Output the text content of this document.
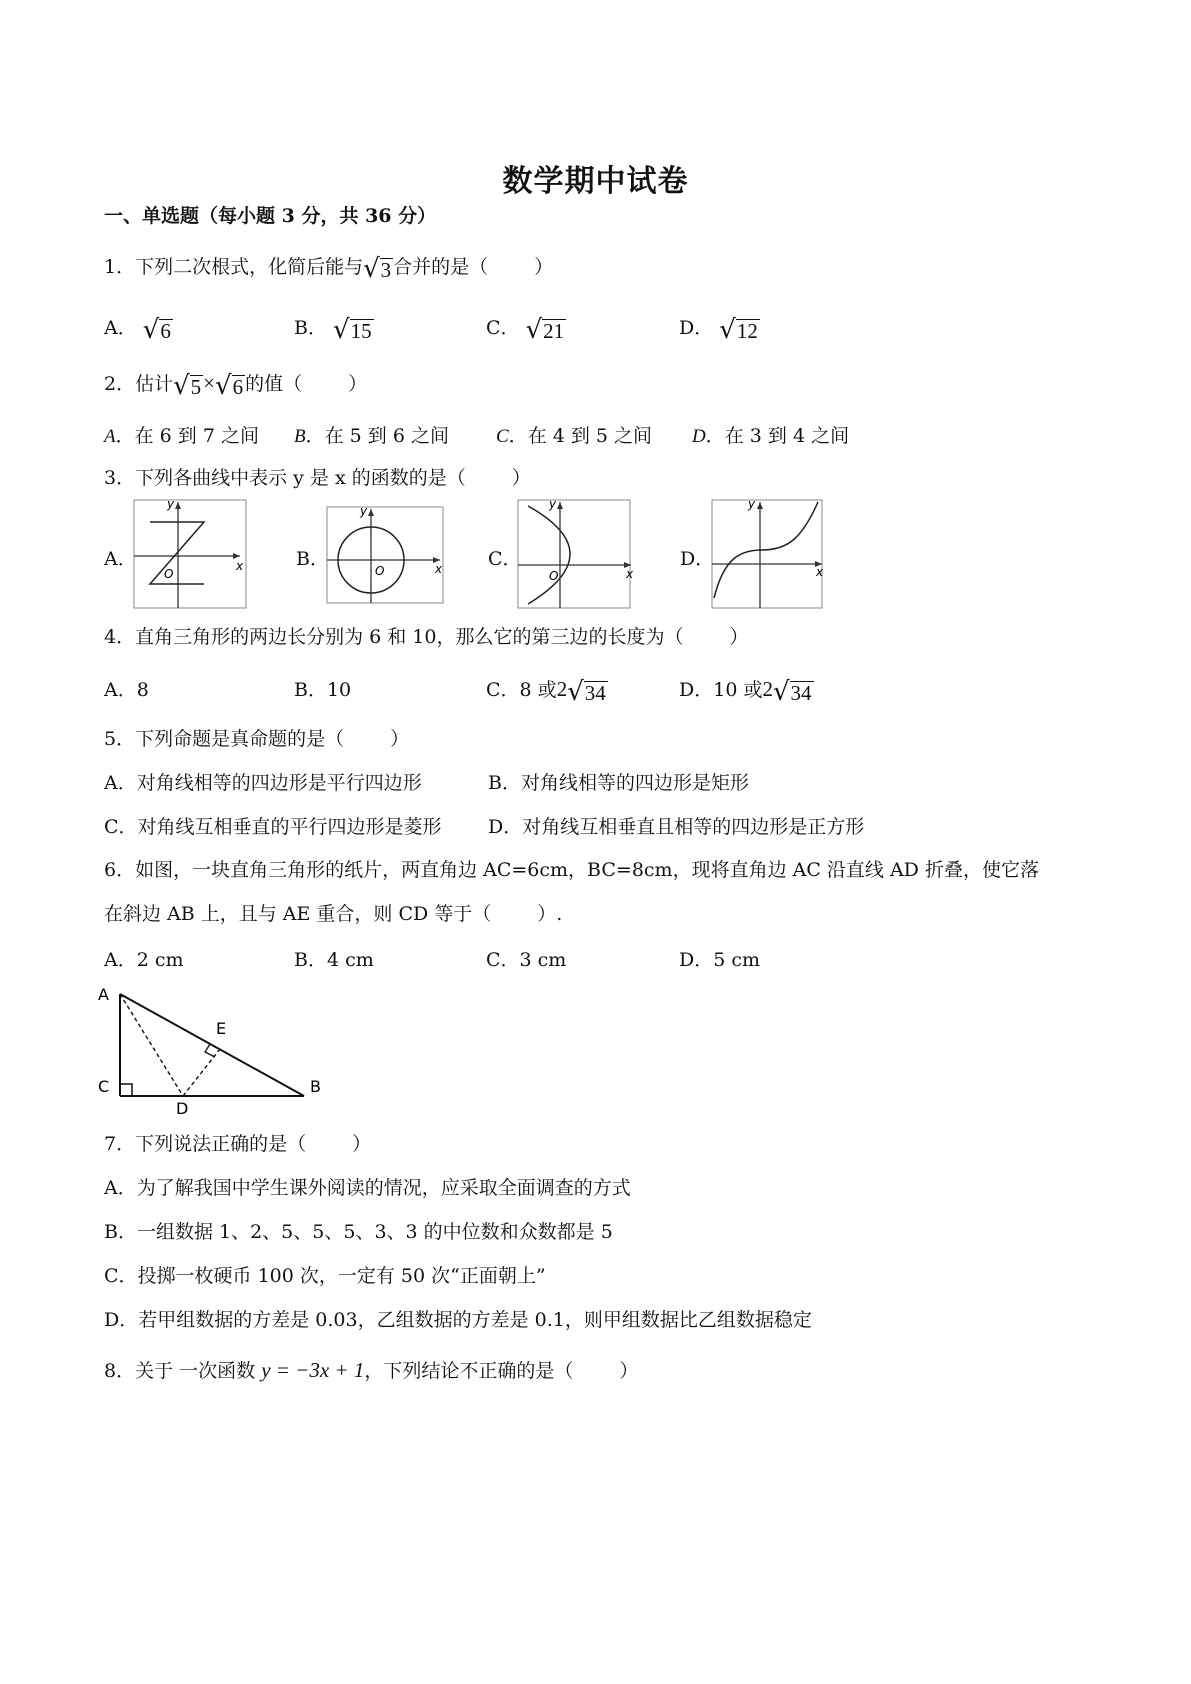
数学期中试卷
一、单选题（每小题 3 分，共 36 分）
1．下列二次根式，化简后能与 √ 3 合并的是（ ）
A． √ 6	B． √ 15	C． √ 21	D． √ 12
2．估计 √ 5 × √ 6 的值（ ）
A．在 6 到 7 之间 B．在 5 到 6 之间 C．在 4 到 5 之间 D．在 3 到 4 之间
3．下列各曲线中表示 y 是 x 的函数的是（ ）
A．	B．	C．	D．
x
y
O	x
y
O	x
y
O	x
y
4．直角三角形的两边长分别为 6 和 10，那么它的第三边的长度为（ ）
A．8	B．10	C．8 或2 √ 34	D．10 或2 √ 34
5．下列命题是真命题的是（ ）
A．对角线相等的四边形是平行四边形	B．对角线相等的四边形是矩形
C．对角线互相垂直的平行四边形是菱形 D．对角线互相垂直且相等的四边形是正方形
6．如图，一块直角三角形的纸片，两直角边 AC=6cm，BC=8cm，现将直角边 AC 沿直线 AD 折叠，使它落
在斜边 AB 上，且与 AE 重合，则 CD 等于（ ）.
A．2 cm	B．4 cm	C．3 cm	D．5 cm
A
E
C
D
B
7．下列说法正确的是（ ）
A．为了解我国中学生课外阅读的情况，应采取全面调查的方式
B．一组数据 1、2、5、5、5、3、3 的中位数和众数都是 5
C．投掷一枚硬币 100 次，一定有 50 次“正面朝上”
D．若甲组数据的方差是 0.03，乙组数据的方差是 0.1，则甲组数据比乙组数据稳定
8．关于 一次函数 y = −3x + 1，下列结论不正确的是（ ）
